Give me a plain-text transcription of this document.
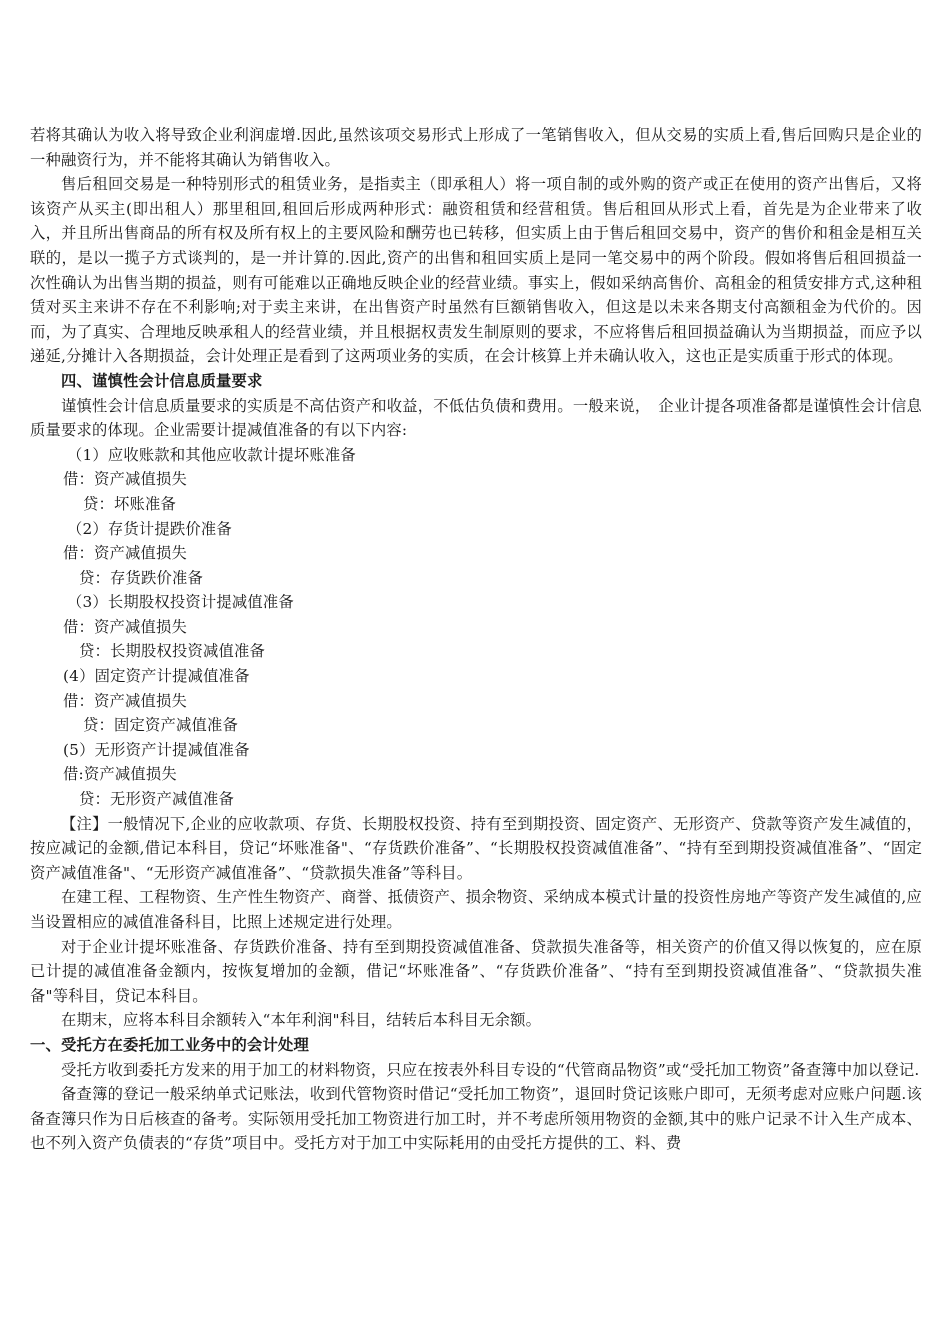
若将其确认为收入将导致企业利润虚增.因此,虽然该项交易形式上形成了一笔销售收入，但从交易的实质上看,售后回购只是企业的一种融资行为，并不能将其确认为销售收入。

售后租回交易是一种特别形式的租赁业务，是指卖主（即承租人）将一项自制的或外购的资产或正在使用的资产出售后，又将该资产从买主(即出租人）那里租回,租回后形成两种形式：融资租赁和经营租赁。售后租回从形式上看，首先是为企业带来了收入，并且所出售商品的所有权及所有权上的主要风险和酬劳也已转移，但实质上由于售后租回交易中，资产的售价和租金是相互关联的，是以一揽子方式谈判的，是一并计算的.因此,资产的出售和租回实质上是同一笔交易中的两个阶段。假如将售后租回损益一次性确认为出售当期的损益，则有可能难以正确地反映企业的经营业绩。事实上，假如采纳高售价、高租金的租赁安排方式,这种租赁对买主来讲不存在不利影响;对于卖主来讲，在出售资产时虽然有巨额销售收入，但这是以未来各期支付高额租金为代价的。因而，为了真实、合理地反映承租人的经营业绩，并且根据权责发生制原则的要求，不应将售后租回损益确认为当期损益，而应予以递延,分摊计入各期损益，会计处理正是看到了这两项业务的实质，在会计核算上并未确认收入，这也正是实质重于形式的体现。

四、谨慎性会计信息质量要求

谨慎性会计信息质量要求的实质是不高估资产和收益，不低估负债和费用。一般来说，　企业计提各项准备都是谨慎性会计信息质量要求的体现。企业需要计提减值准备的有以下内容:

（1）应收账款和其他应收款计提坏账准备

借：资产减值损失

贷：坏账准备

（2）存货计提跌价准备

借：资产减值损失

贷：存货跌价准备

（3）长期股权投资计提减值准备

借：资产减值损失

贷：长期股权投资减值准备

(4）固定资产计提减值准备

借：资产减值损失

贷：固定资产减值准备

(5）无形资产计提减值准备

借:资产减值损失

贷：无形资产减值准备

【注】一般情况下,企业的应收款项、存货、长期股权投资、持有至到期投资、固定资产、无形资产、贷款等资产发生减值的，按应减记的金额,借记本科目，贷记“坏账准备"、“存货跌价准备”、“长期股权投资减值准备”、“持有至到期投资减值准备”、“固定资产减值准备"、“无形资产减值准备”、“贷款损失准备”等科目。

在建工程、工程物资、生产性生物资产、商誉、抵债资产、损余物资、采纳成本模式计量的投资性房地产等资产发生减值的,应当设置相应的减值准备科目，比照上述规定进行处理。

对于企业计提坏账准备、存货跌价准备、持有至到期投资减值准备、贷款损失准备等，相关资产的价值又得以恢复的，应在原已计提的减值准备金额内，按恢复增加的金额，借记“坏账准备”、“存货跌价准备”、“持有至到期投资减值准备”、“贷款损失准备"等科目，贷记本科目。

在期末，应将本科目余额转入“本年利润"科目，结转后本科目无余额。

一、受托方在委托加工业务中的会计处理

受托方收到委托方发来的用于加工的材料物资，只应在按表外科目专设的“代管商品物资”或“受托加工物资”备查簿中加以登记.

备查簿的登记一般采纳单式记账法，收到代管物资时借记“受托加工物资”，退回时贷记该账户即可，无须考虑对应账户问题.该备查簿只作为日后核查的备考。实际领用受托加工物资进行加工时，并不考虑所领用物资的金额,其中的账户记录不计入生产成本、也不列入资产负债表的“存货”项目中。受托方对于加工中实际耗用的由受托方提供的工、料、费
